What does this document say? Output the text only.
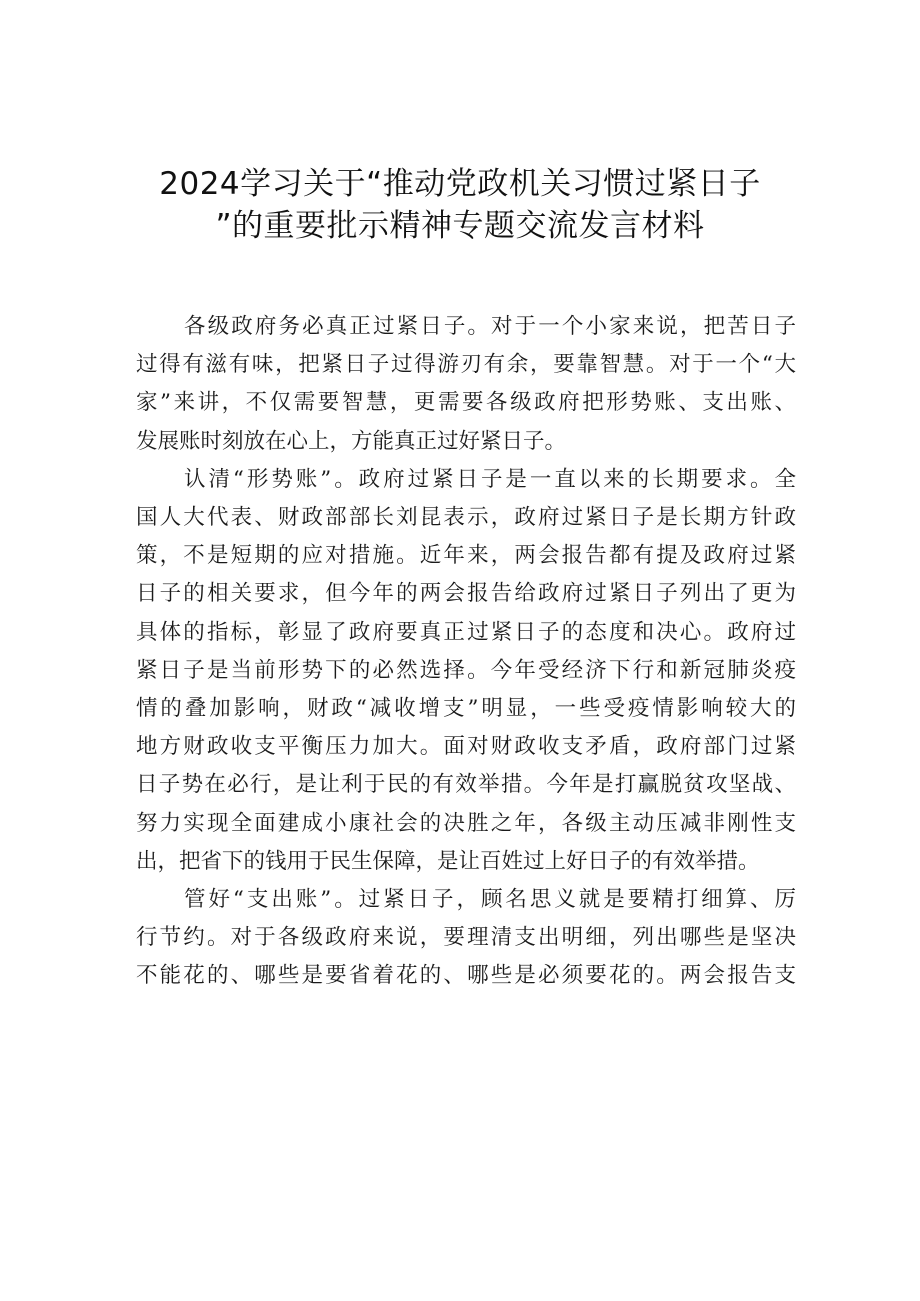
2024学习关于“推动党政机关习惯过紧日子
”的重要批示精神专题交流发言材料
各级政府务必真正过紧日子。对于一个小家来说，把苦日子
过得有滋有味，把紧日子过得游刃有余，要靠智慧。对于一个“大
家”来讲，不仅需要智慧，更需要各级政府把形势账、支出账、
发展账时刻放在心上，方能真正过好紧日子。
认清“形势账”。政府过紧日子是一直以来的长期要求。全
国人大代表、财政部部长刘昆表示，政府过紧日子是长期方针政
策，不是短期的应对措施。近年来，两会报告都有提及政府过紧
日子的相关要求，但今年的两会报告给政府过紧日子列出了更为
具体的指标，彰显了政府要真正过紧日子的态度和决心。政府过
紧日子是当前形势下的必然选择。今年受经济下行和新冠肺炎疫
情的叠加影响，财政“减收增支”明显，一些受疫情影响较大的
地方财政收支平衡压力加大。面对财政收支矛盾，政府部门过紧
日子势在必行，是让利于民的有效举措。今年是打赢脱贫攻坚战、
努力实现全面建成小康社会的决胜之年，各级主动压减非刚性支
出，把省下的钱用于民生保障，是让百姓过上好日子的有效举措。
管好“支出账”。过紧日子，顾名思义就是要精打细算、厉
行节约。对于各级政府来说，要理清支出明细，列出哪些是坚决
不能花的、哪些是要省着花的、哪些是必须要花的。两会报告支
